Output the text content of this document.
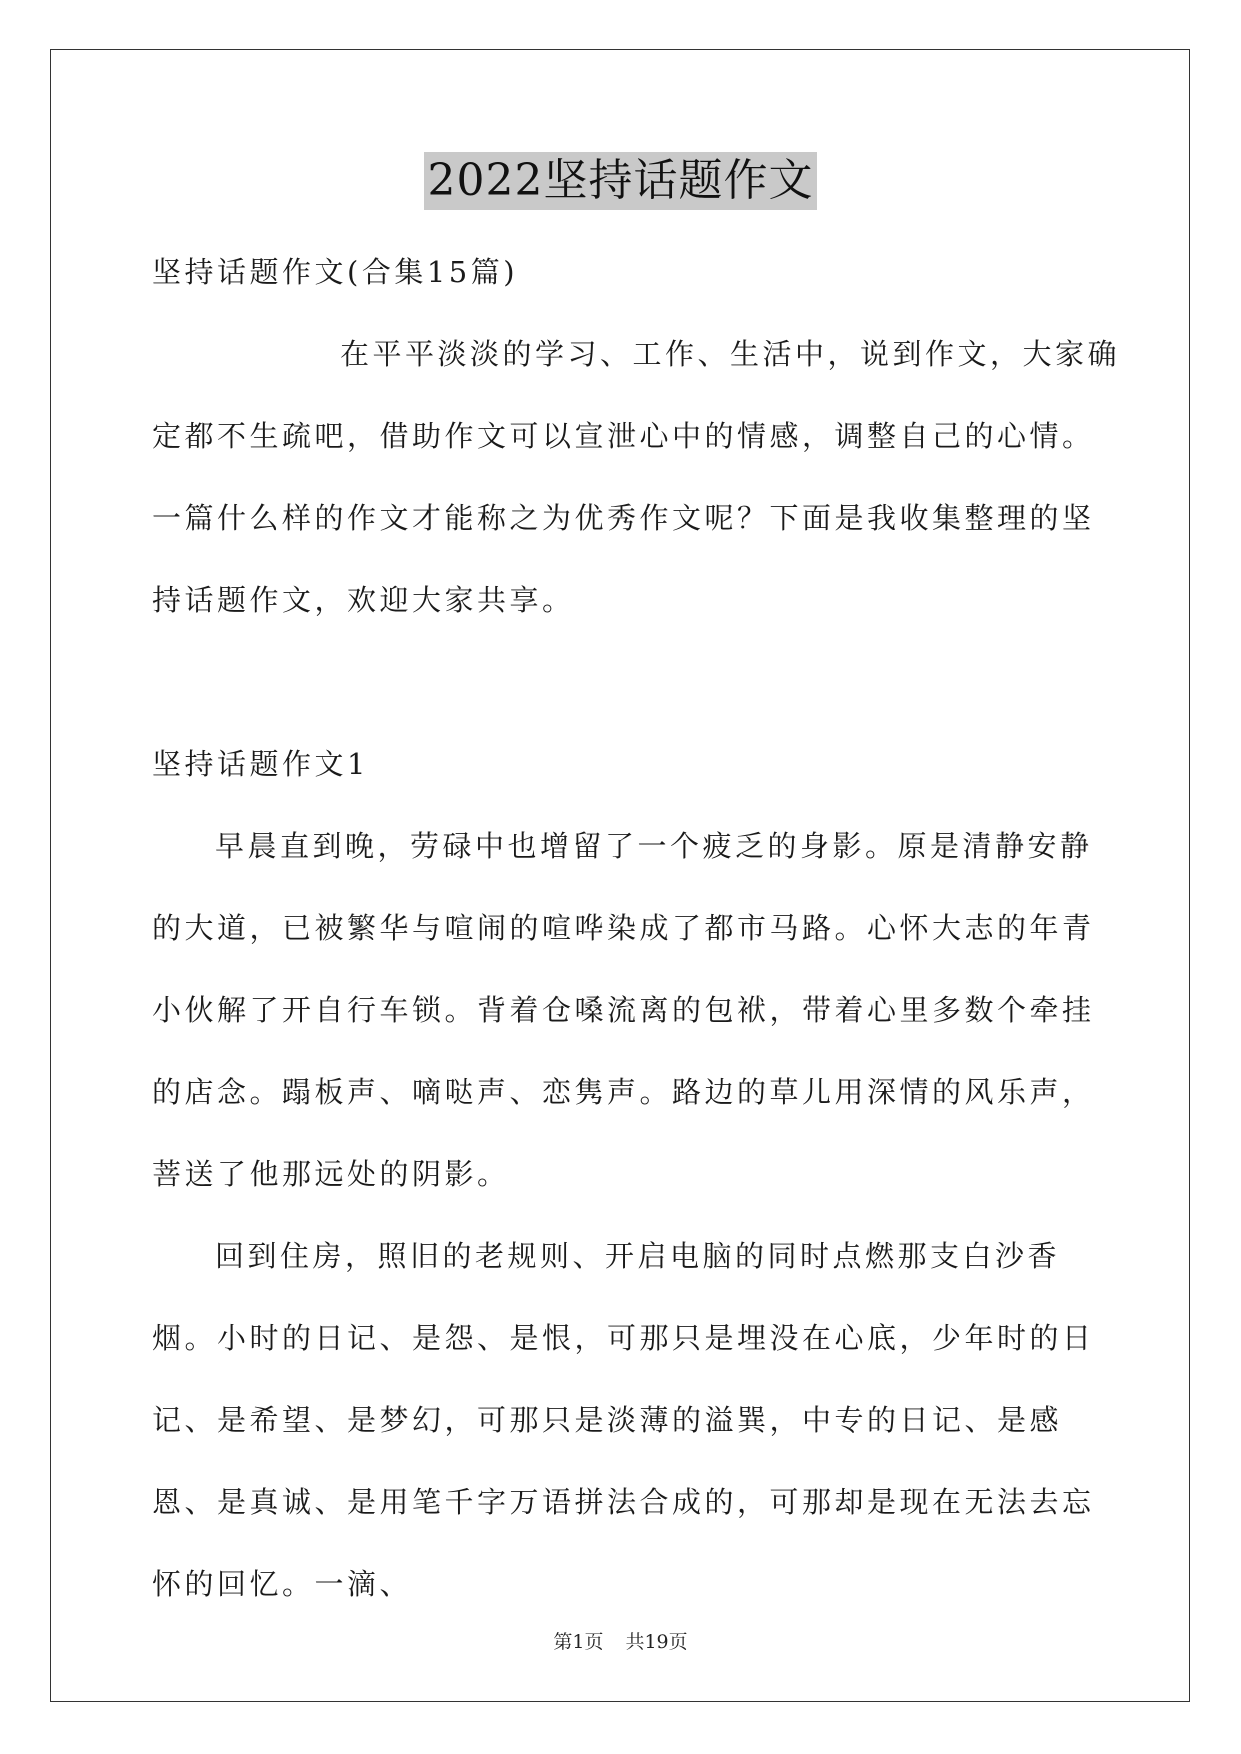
2022坚持话题作文

坚持话题作文(合集15篇)

在平平淡淡的学习、工作、生活中，说到作文，大家确定都不生疏吧，借助作文可以宣泄心中的情感，调整自己的心情。一篇什么样的作文才能称之为优秀作文呢？下面是我收集整理的坚持话题作文，欢迎大家共享。

坚持话题作文1

早晨直到晚，劳碌中也增留了一个疲乏的身影。原是清静安静的大道，已被繁华与喧闹的喧哗染成了都市马路。心怀大志的年青小伙解了开自行车锁。背着仓嗓流离的包袱，带着心里多数个牵挂的店念。蹋板声、嘀哒声、恋隽声。路边的草儿用深情的风乐声，菩送了他那远处的阴影。

回到住房，照旧的老规则、开启电脑的同时点燃那支白沙香烟。小时的日记、是怨、是恨，可那只是埋没在心底，少年时的日记、是希望、是梦幻，可那只是淡薄的溢巽，中专的日记、是感恩、是真诚、是用笔千字万语拼法合成的，可那却是现在无法去忘怀的回忆。一滴、

第1页 共19页
